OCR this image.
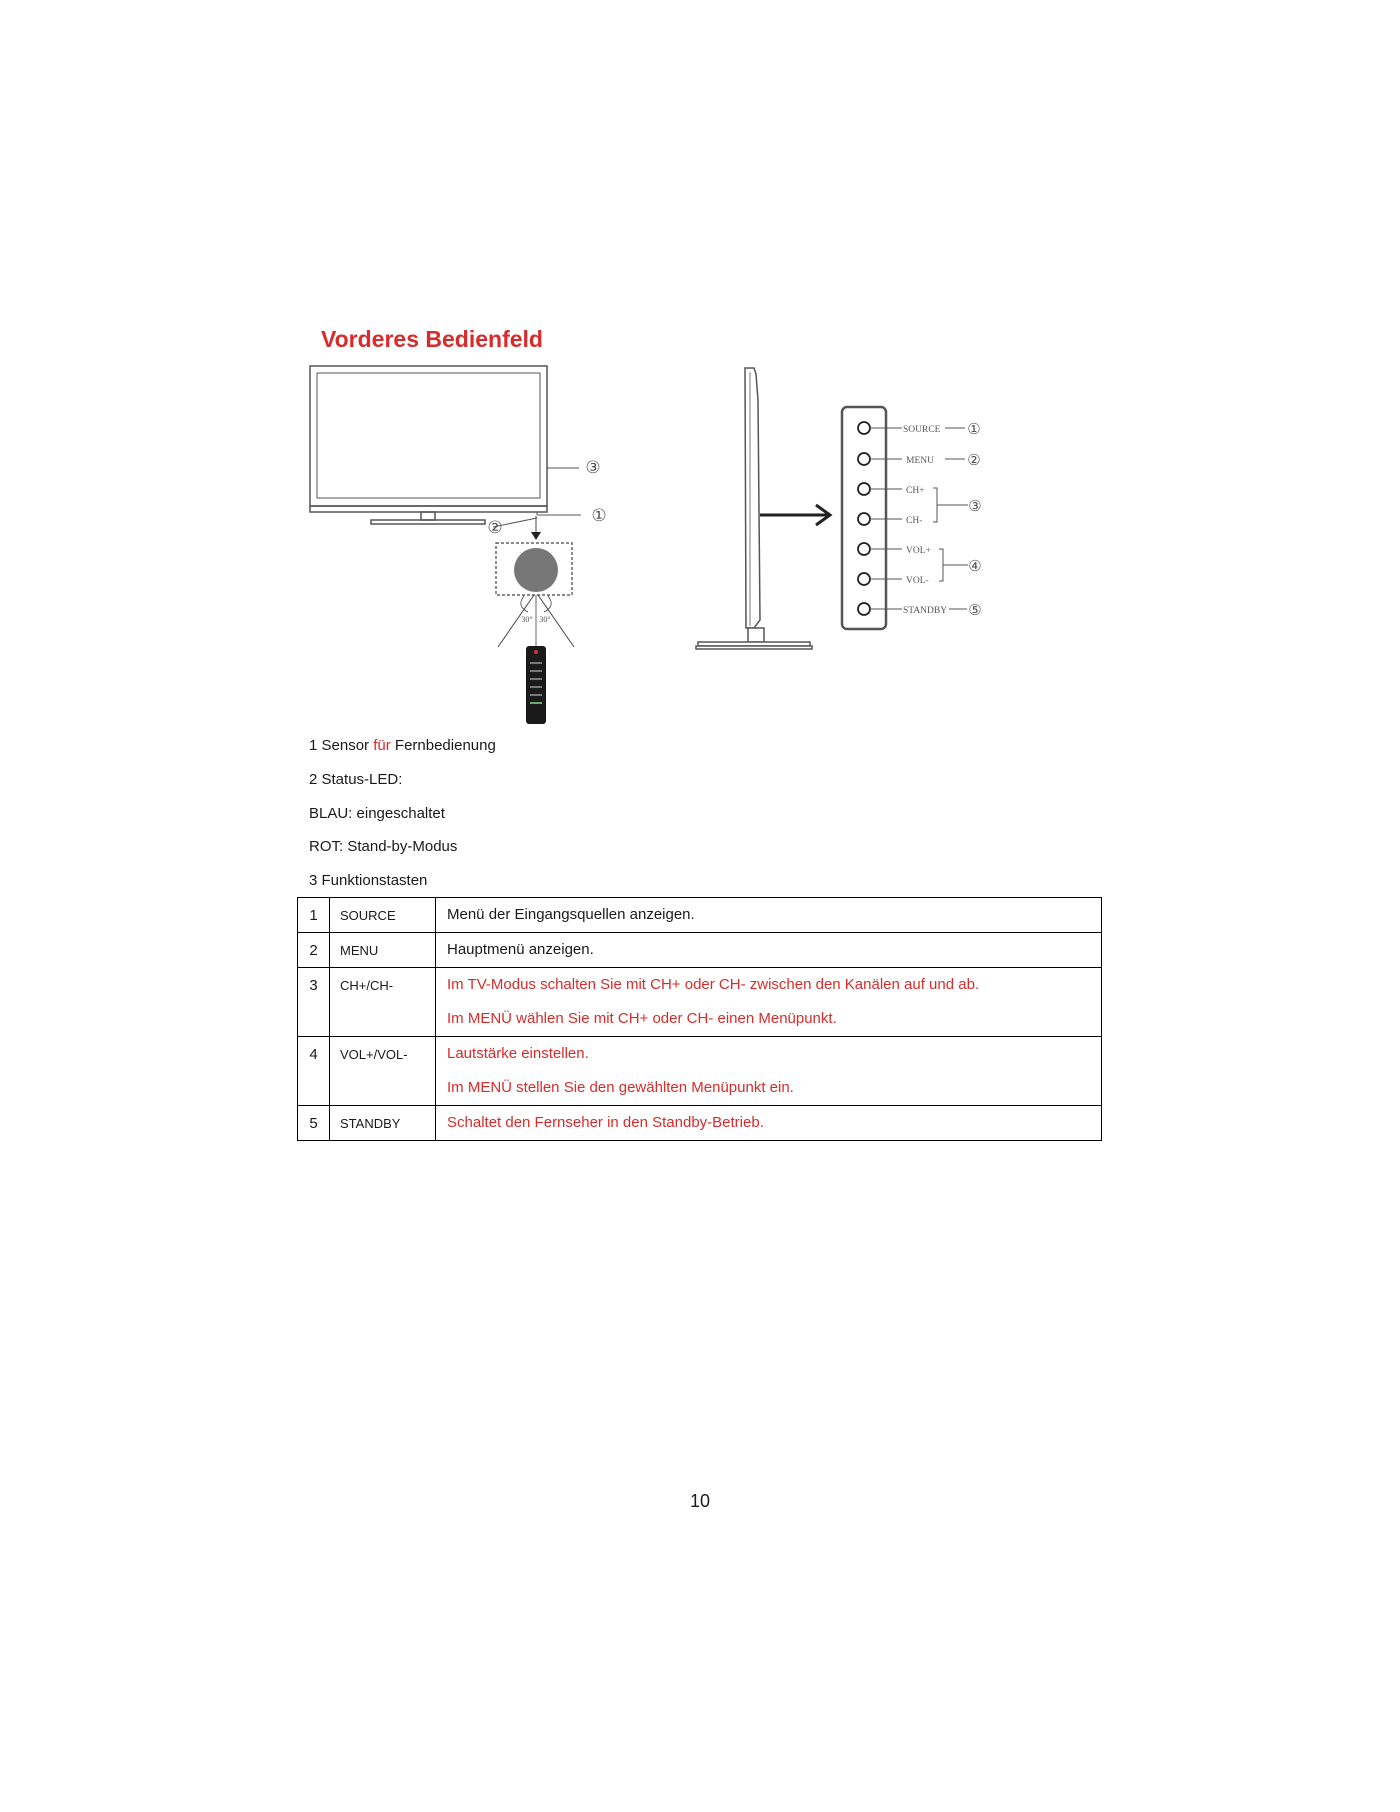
Vorderes Bedienfeld
③
①
②
30° 30°
SOURCE
MENU
CH+
CH-
VOL+
VOL-
STANDBY
①
②
③
④
⑤
1 Sensor für Fernbedienung
2 Status-LED:
BLAU: eingeschaltet
ROT: Stand-by-Modus
3 Funktionstasten
1	SOURCE	Menü der Eingangsquellen anzeigen.

2	MENU	Hauptmenü anzeigen.

3	CH+/CH-	Im TV-Modus schalten Sie mit CH+ oder CH- zwischen den Kanälen auf und ab.
Im MENÜ wählen Sie mit CH+ oder CH- einen Menüpunkt.

4	VOL+/VOL-	Lautstärke einstellen.
Im MENÜ stellen Sie den gewählten Menüpunkt ein.

5	STANDBY	Schaltet den Fernseher in den Standby-Betrieb.
10
